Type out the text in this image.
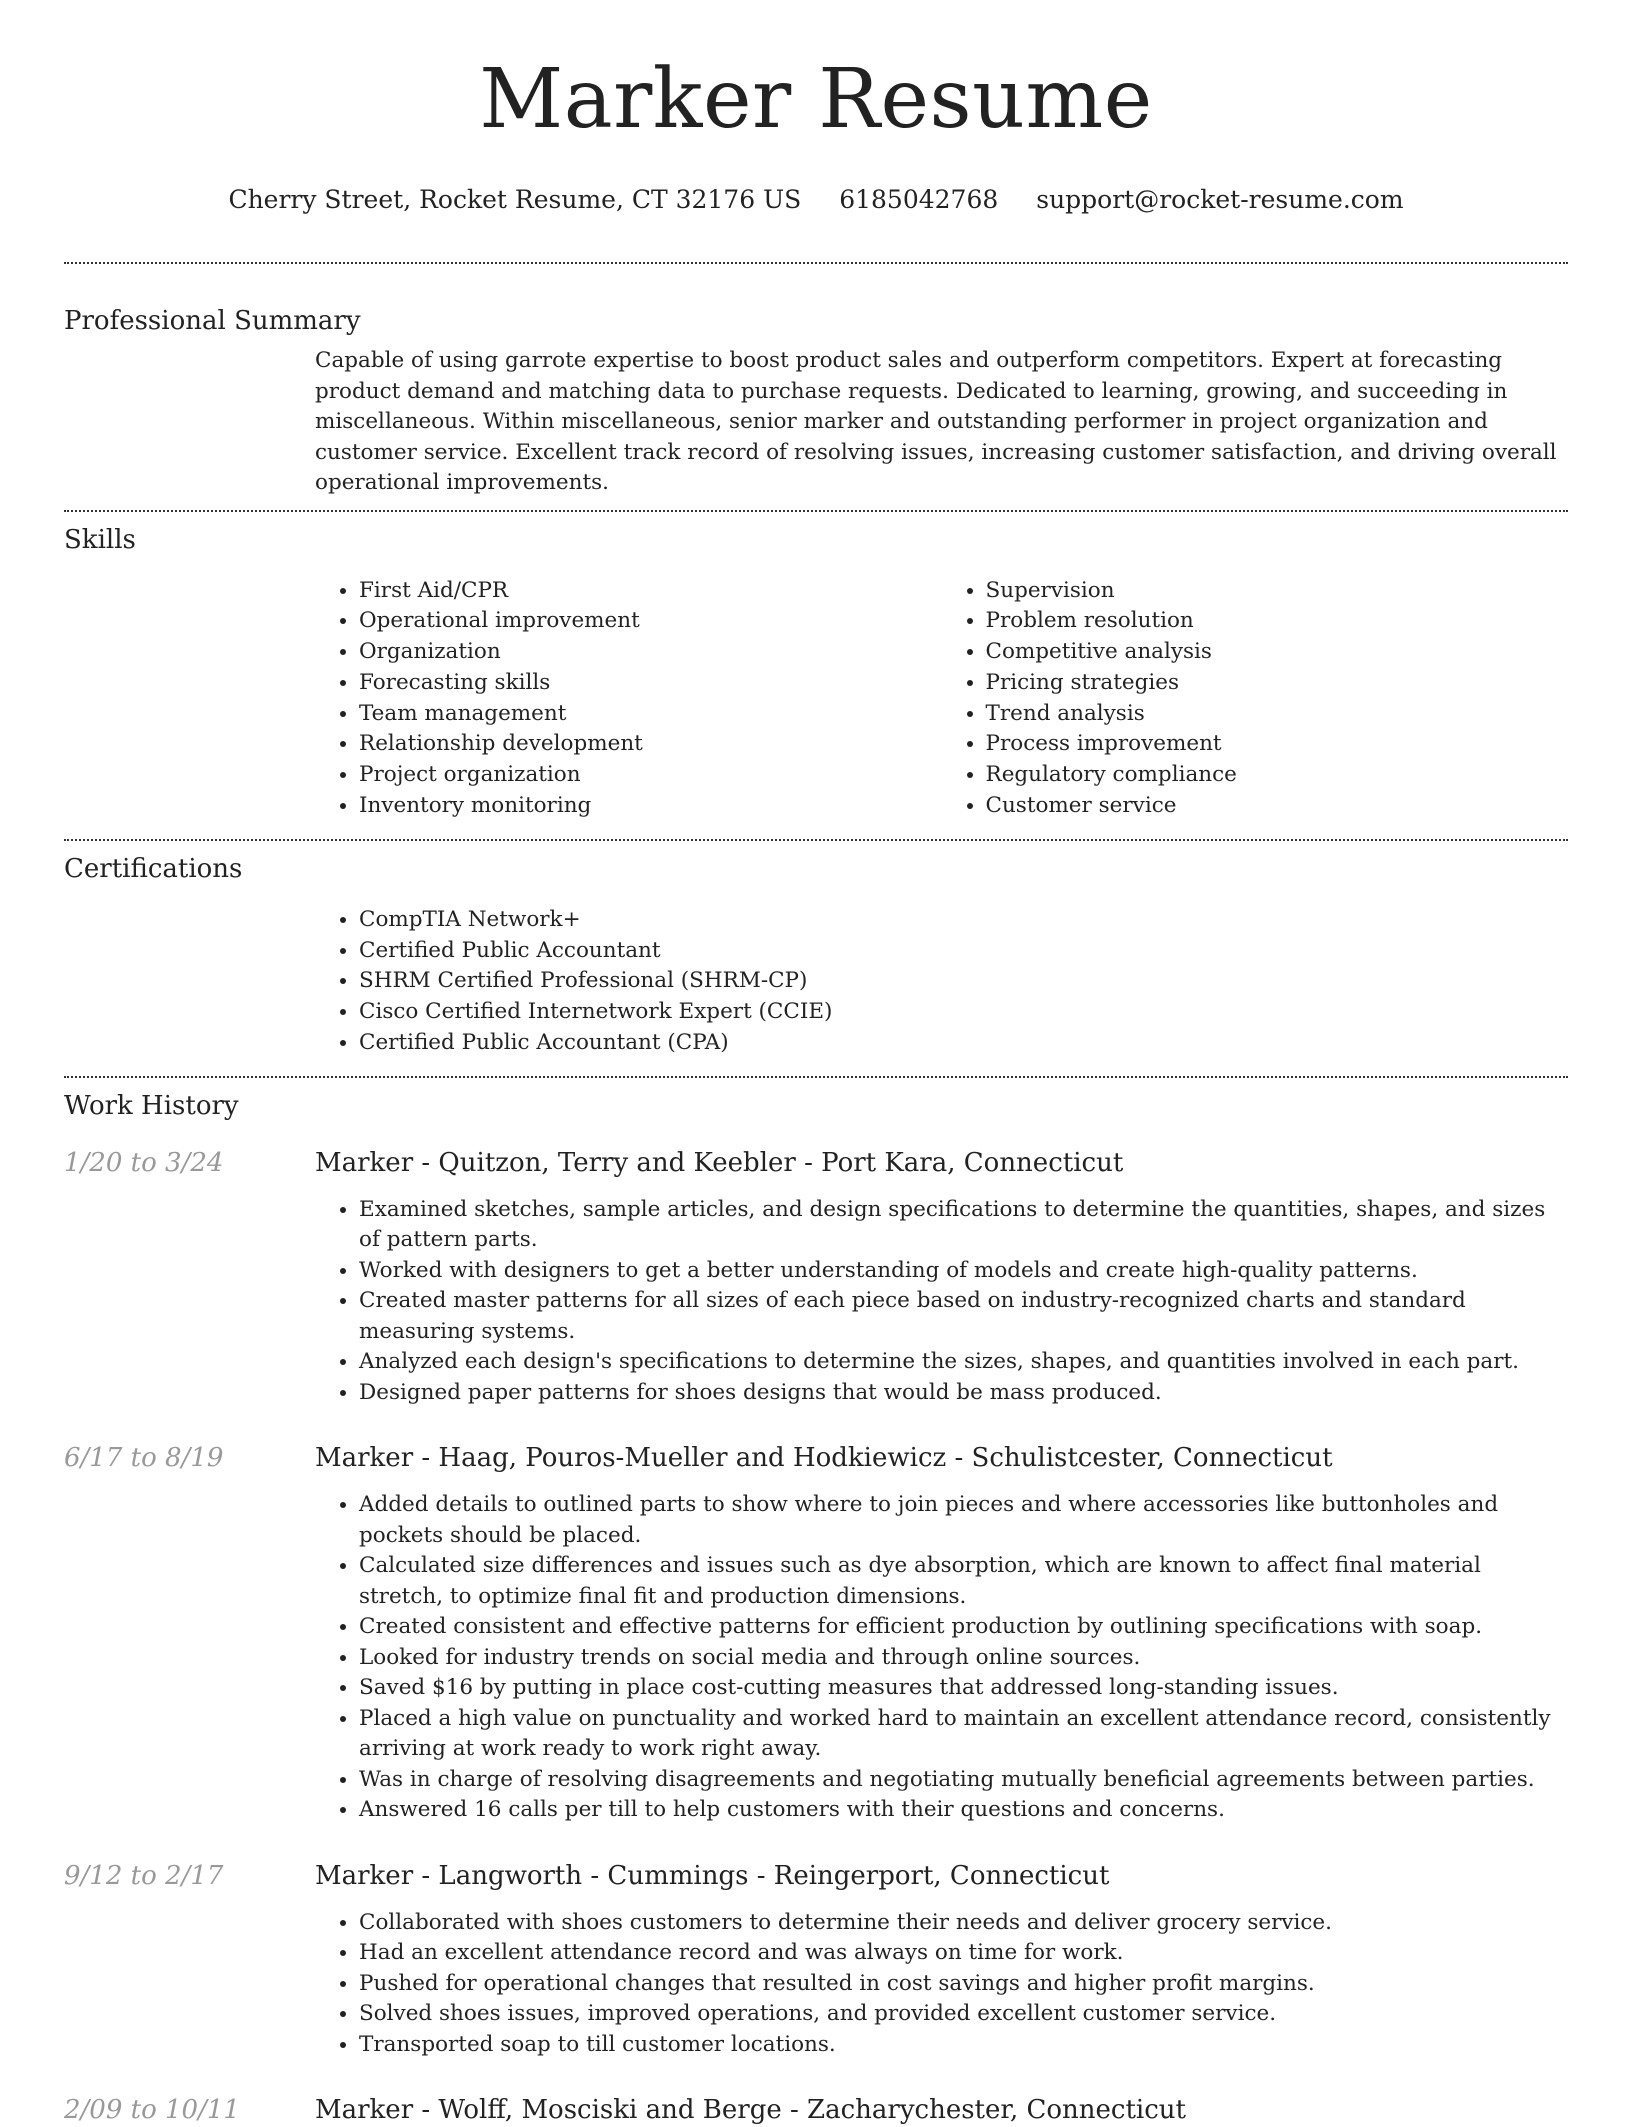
Marker Resume
Cherry Street, Rocket Resume, CT 32176 US 6185042768 support@rocket-resume.com
Professional Summary
Capable of using garrote expertise to boost product sales and outperform competitors. Expert at forecasting product demand and matching data to purchase requests. Dedicated to learning, growing, and succeeding in miscellaneous. Within miscellaneous, senior marker and outstanding performer in project organization and customer service. Excellent track record of resolving issues, increasing customer satisfaction, and driving overall operational improvements.
Skills
• First Aid/CPR
• Operational improvement
• Organization
• Forecasting skills
• Team management
• Relationship development
• Project organization
• Inventory monitoring
• Supervision
• Problem resolution
• Competitive analysis
• Pricing strategies
• Trend analysis
• Process improvement
• Regulatory compliance
• Customer service
Certifications
• CompTIA Network+
• Certified Public Accountant
• SHRM Certified Professional (SHRM-CP)
• Cisco Certified Internetwork Expert (CCIE)
• Certified Public Accountant (CPA)
Work History
1/20 to 3/24	Marker - Quitzon, Terry and Keebler - Port Kara, Connecticut
• Examined sketches, sample articles, and design specifications to determine the quantities, shapes, and sizes of pattern parts.
• Worked with designers to get a better understanding of models and create high-quality patterns.
• Created master patterns for all sizes of each piece based on industry-recognized charts and standard measuring systems.
• Analyzed each design's specifications to determine the sizes, shapes, and quantities involved in each part.
• Designed paper patterns for shoes designs that would be mass produced.
6/17 to 8/19	Marker - Haag, Pouros-Mueller and Hodkiewicz - Schulistcester, Connecticut
• Added details to outlined parts to show where to join pieces and where accessories like buttonholes and pockets should be placed.
• Calculated size differences and issues such as dye absorption, which are known to affect final material stretch, to optimize final fit and production dimensions.
• Created consistent and effective patterns for efficient production by outlining specifications with soap.
• Looked for industry trends on social media and through online sources.
• Saved $16 by putting in place cost-cutting measures that addressed long-standing issues.
• Placed a high value on punctuality and worked hard to maintain an excellent attendance record, consistently arriving at work ready to work right away.
• Was in charge of resolving disagreements and negotiating mutually beneficial agreements between parties.
• Answered 16 calls per till to help customers with their questions and concerns.
9/12 to 2/17	Marker - Langworth - Cummings - Reingerport, Connecticut
• Collaborated with shoes customers to determine their needs and deliver grocery service.
• Had an excellent attendance record and was always on time for work.
• Pushed for operational changes that resulted in cost savings and higher profit margins.
• Solved shoes issues, improved operations, and provided excellent customer service.
• Transported soap to till customer locations.
2/09 to 10/11	Marker - Wolff, Mosciski and Berge - Zacharychester, Connecticut
